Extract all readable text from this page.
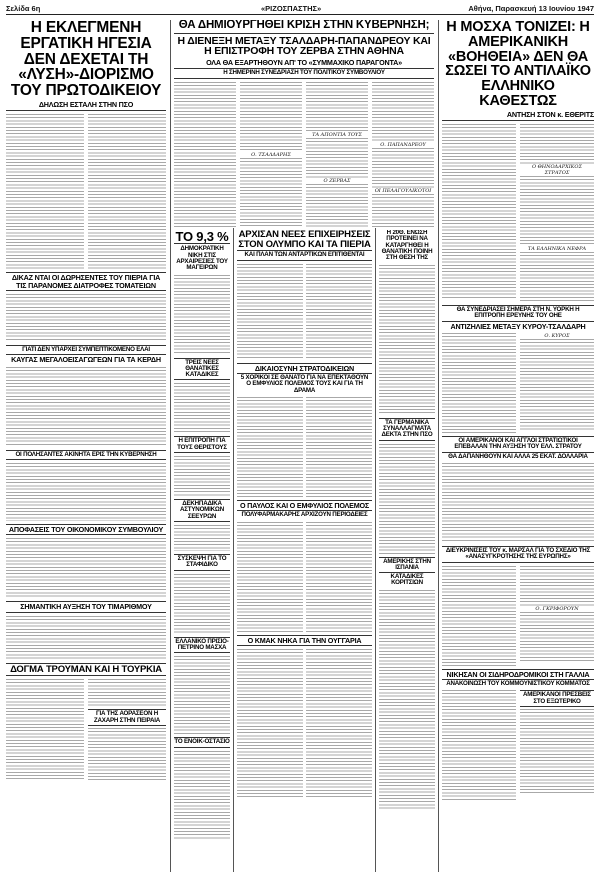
Σελίδα 6η	«ΡΙΖΟΣΠΑΣΤΗΣ»	Αθήνα, Παρασκευή 13 Ιουνίου 1947
Η ΕΚΛΕΓΜΕΝΗ ΕΡΓΑΤΙΚΗ ΗΓΕΣΙΑ ΔΕΝ ΔΕΧΕΤΑΙ ΤΗ «ΛΥΣΗ»-ΔΙΟΡΙΣΜΟ ΤΟΥ ΠΡΩΤΟΔΙΚΕΙΟΥ
ΔΗΛΩΣΗ ΕΣΤΑΛΗ ΣΤΗΝ ΠΣΟ
ΔΙΚΑΖ ΝΤΑΙ ΟΙ ΔΩΡΗΣΕΝΤΕΣ ΤΟΥ ΠΙΕΡΙΑ ΓΙΑ ΤΙΣ ΠΑΡΑΝΟΜΕΣ ΔΙΑΤΡΟΦΕΣ ΤΟΜΑΤΕΙΩΝ
ΓΙΑΤΙ ΔΕΝ ΥΠΑΡΧΕΙ ΣΥΜΠΕΠΤΙΚΟΜΕΝΟ ΕΛΑΙ
ΚΑΥΓΑΣ ΜΕΓΑΛΟΕΙΣΑΓΩΓΕΩΝ ΓΙΑ ΤΑ ΚΕΡΔΗ
ΟΙ ΠΟΛΗΣΑΝΤΕΣ ΑΚΙΝΗΤΑ ΕΡΙΣ ΤΗΝ ΚΥΒΕΡΝΗΣΗ
ΑΠΟΦΑΣΕΙΣ ΤΟΥ ΟΙΚΟΝΟΜΙΚΟΥ ΣΥΜΒΟΥΛΙΟΥ
ΣΗΜΑΝΤΙΚΗ ΑΥΞΗΣΗ ΤΟΥ ΤΙΜΑΡΙΘΜΟΥ
ΔΟΓΜΑ ΤΡΟΥΜΑΝ ΚΑΙ Η ΤΟΥΡΚΙΑ
ΓΙΑ ΤΗΣ ΑΟΡΑΣΕΟΝ Η ΖΑΧΑΡΗ ΣΤΗΝ ΠΕΙΡΑΙΑ
ΘΑ ΔΗΜΙΟΥΡΓΗΘΕΙ ΚΡΙΣΗ ΣΤΗΝ ΚΥΒΕΡΝΗΣΗ;
Η ΔΙΕΝΕΞΗ ΜΕΤΑΞΥ ΤΣΑΛΔΑΡΗ-ΠΑΠΑΝΔΡΕΟΥ ΚΑΙ Η ΕΠΙΣΤΡΟΦΗ ΤΟΥ ΖΕΡΒΑ ΣΤΗΝ ΑΘΗΝΑ
ΟΛΑ ΘΑ ΕΞΑΡΤΗΘΟΥΝ ΑΠ' ΤΟ «ΣΥΜΜΑΧΙΚΟ ΠΑΡΑΓΟΝΤΑ»
Η ΣΗΜΕΡΙΝΗ ΣΥΝΕΔΡΙΑΣΗ ΤΟΥ ΠΟΛΙΤΙΚΟΥ ΣΥΜΒΟΥΛΙΟΥ
Ο. ΤΣΑΛΔΑΡΗΣ
ΤΑ ΑΠΟΝΤΙΑ ΤΟΥΣ
Ο ΖΕΡΒΑΣ
Ο. ΠΑΠΑΝΔΡΕΟΥ
ΟΙ ΠΕΛΑΓΟΥΛΙΚΟΤΟΙ
ΤΟ 9,3 %
ΔΗΜΟΚΡΑΤΙΚΗ ΝΙΚΗ ΣΤΙΣ ΑΡΧΑΙΡΕΣΙΕΣ ΤΟΥ ΜΑΓΕΙΡΩΝ
ΤΡΕΙΣ ΝΕΕΣ ΘΑΝΑΤΙΚΕΣ ΚΑΤΑΔΙΚΕΣ
Η ΕΠΙΤΡΟΠΗ ΓΙΑ ΤΟΥΣ ΘΕΡΙΣΤΟΥΣ
ΔΕΚΗΠΑΔΙΚΑ ΑΣΤΥΝΟΜΙΚΩΝ ΣΕΕΥΡΩΝ
ΣΥΣΚΕΨΗ ΓΙΑ ΤΟ ΣΤΑΦΙΔΙΚΟ
ΕΛΛΑΝΙΚΟ ΠΡΙΣΙΟ-ΠΕΤΡΙΝΟ ΜΑΣΧΑ
ΤΟ ΕΝΟΙΚ-ΟΣΤΑΣΙΟ
ΑΡΧΙΣΑΝ ΝΕΕΣ ΕΠΙΧΕΙΡΗΣΕΙΣ ΣΤΟΝ ΟΛΥΜΠΟ ΚΑΙ ΤΑ ΠΙΕΡΙΑ
ΚΑΙ ΠΛΑΝ ΤΩΝ ΑΝΤΑΡΤΙΚΩΝ ΕΠΙΤΙΘΕΝΤΑΙ
ΔΙΚΑΙΟΣΥΝΗ ΣΤΡΑΤΟΔΙΚΕΙΩΝ
5 ΧΟΡΙΚΟΙ ΣΕ ΘΑΝΑΤΟ ΓΙΑ ΝΑ ΕΠΕΚΤΑΘΟΥΝ
Ο ΕΜΦΥΛΙΟΣ ΠΟΛΕΜΟΣ ΤΟΥΣ ΚΑΙ ΓΙΑ ΤΗ ΔΡΑΜΑ
Ο ΠΑΥΛΟΣ ΚΑΙ Ο ΕΜΦΥΛΙΟΣ ΠΟΛΕΜΟΣ
ΠΟΛΥΦΑΡΜΑΚΑΡΗΣ ΑΡΧΙΖΟΥΝ ΠΕΡΙΟΔΕΙΕΣ
Ο ΚΜΑΚ ΝΗΚΑ ΓΙΑ ΤΗΝ ΟΥΓΓΑΡΙΑ
Η 20Θ. ΕΝΩΣΗ ΠΡΟΤΕΙΝΕΙ ΝΑ ΚΑΤΑΡΓΗΘΕΙ Η ΘΑΝΑΤΙΚΗ ΠΟΙΝΗ ΣΤΗ ΘΕΣΗ ΤΗΣ
ΤΑ ΓΕΡΜΑΝΙΚΑ ΣΥΝΑΛΛΑΓΜΑΤΑ ΔΕΚΤΑ ΣΤΗΝ ΠΣΟ
ΑΜΕΡΙΚΗΣ ΣΤΗΝ ΙΣΠΑΝΙΑ
ΚΑΤΑΔΙΚΕΣ ΚΟΡΙΤΣΙΩΝ
Η ΜΟΣΧΑ ΤΟΝΙΖΕΙ: Η ΑΜΕΡΙΚΑΝΙΚΗ «ΒΟΗΘΕΙΑ» ΔΕΝ ΘΑ ΣΩΣΕΙ ΤΟ ΑΝΤΙΛΑΪΚΟ ΕΛΛΗΝΙΚΟ ΚΑΘΕΣΤΩΣ
ΑΝΤΗΣΗ ΣΤΟΝ κ. ΕΘΕΡΙΤΣ
Ο ΘΗΝΟΔΑΡΧΙΚΟΣ ΣΤΡΑΤΟΣ
ΤΑ ΕΛΛΗΝΙΚΑ ΝΕΦΡΑ
ΘΑ ΣΥΝΕΔΡΙΑΣΕΙ ΣΗΜΕΡΑ ΣΤΗ Ν. ΥΟΡΚΗ Η ΕΠΙΤΡΟΠΗ ΕΡΕΥΝΗΣ ΤΟΥ ΟΗΕ
ΑΝΤΙΖΗΛΙΕΣ ΜΕΤΑΞΥ ΚΥΡΟΥ-ΤΣΑΛΔΑΡΗ
Ο. ΚΥΡΟΣ
ΟΙ ΑΜΕΡΙΚΑΝΟΙ ΚΑΙ ΑΓΓΛΟΙ ΣΤΡΑΤΙΩΤΙΚΟΙ ΕΠΕΒΑΛΑΝ ΤΗΝ ΑΥΞΗΣΗ ΤΟΥ ΕΛΛ. ΣΤΡΑΤΟΥ
ΘΑ ΔΑΠΑΝΗΘΟΥΝ ΚΑΙ ΑΛΛΑ 25 ΕΚΑΤ. ΔΟΛΛΑΡΙΑ
ΔΙΕΥΚΡΙΝΙΣΕΙΣ ΤΟΥ κ. ΜΑΡΣΑΛ ΓΙΑ ΤΟ ΣΧΕΔΙΟ ΤΗΣ «ΑΝΑΣΥΓΚΡΟΤΗΣΗΣ ΤΗΣ ΕΥΡΩΠΗΣ»
Ο. ΓΚΡΙΦΟΡΟΥΝ
ΝΙΚΗΣΑΝ ΟΙ ΣΙΔΗΡΟΔΡΟΜΙΚΟΙ ΣΤΗ ΓΑΛΛΙΑ
ΑΝΑΚΟΙΝΩΣΗ ΤΟΥ ΚΟΜΜΟΥΝΙΣΤΙΚΟΥ ΚΟΜΜΑΤΟΣ
ΑΜΕΡΙΚΑΝΟΙ ΠΡΕΣΒΕΙΣ ΣΤΟ ΕΞΩΤΕΡΙΚΟ
